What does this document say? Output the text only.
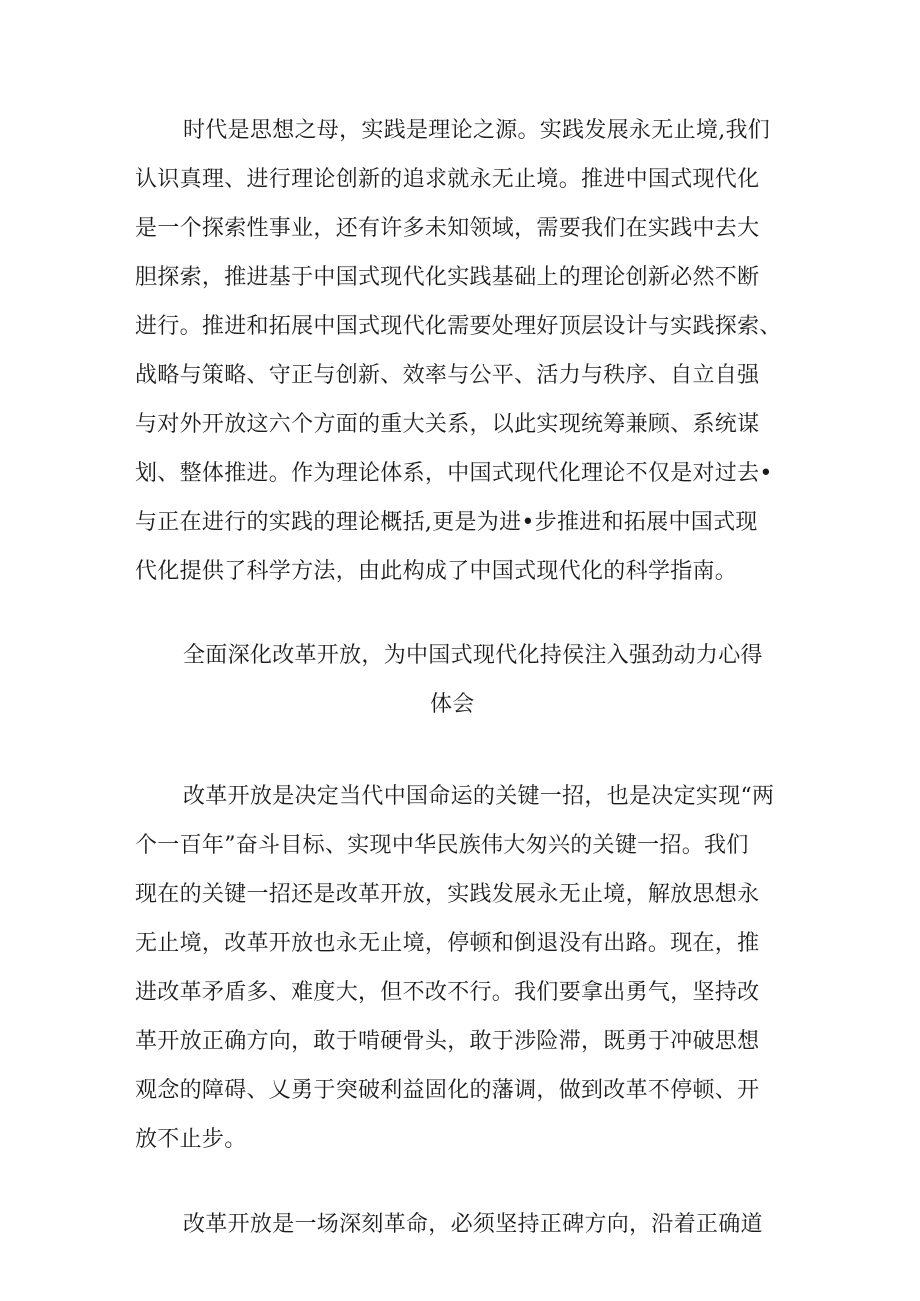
时代是思想之母，实践是理论之源。实践发展永无止境,我们
认识真理、进行理论创新的追求就永无止境。推进中国式现代化
是一个探索性事业，还有许多未知领域，需要我们在实践中去大
胆探索，推进基于中国式现代化实践基础上的理论创新必然不断
进行。推进和拓展中国式现代化需要处理好顶层设计与实践探索、
战略与策略、守正与创新、效率与公平、活力与秩序、自立自强
与对外开放这六个方面的重大关系，以此实现统筹兼顾、系统谋
划、整体推进。作为理论体系，中国式现代化理论不仅是对过去•
与正在进行的实践的理论概括,更是为进•步推进和拓展中国式现
代化提供了科学方法，由此构成了中国式现代化的科学指南。
全面深化改革开放，为中国式现代化持侯注入强劲动力心得
体会
改革开放是决定当代中国命运的关键一招，也是决定实现“两
个一百年”奋斗目标、实现中华民族伟大匆兴的关键一招。我们
现在的关键一招还是改革开放，实践发展永无止境，解放思想永
无止境，改革开放也永无止境，停顿和倒退没有出路。现在，推
进改革矛盾多、难度大，但不改不行。我们要拿出勇气，坚持改
革开放正确方向，敢于啃硬骨头，敢于涉险滞，既勇于冲破思想
观念的障碍、乂勇于突破利益固化的藩调，做到改革不停顿、开
放不止步。
改革开放是一场深刻革命，必须坚持正碑方向，沿着正确道
